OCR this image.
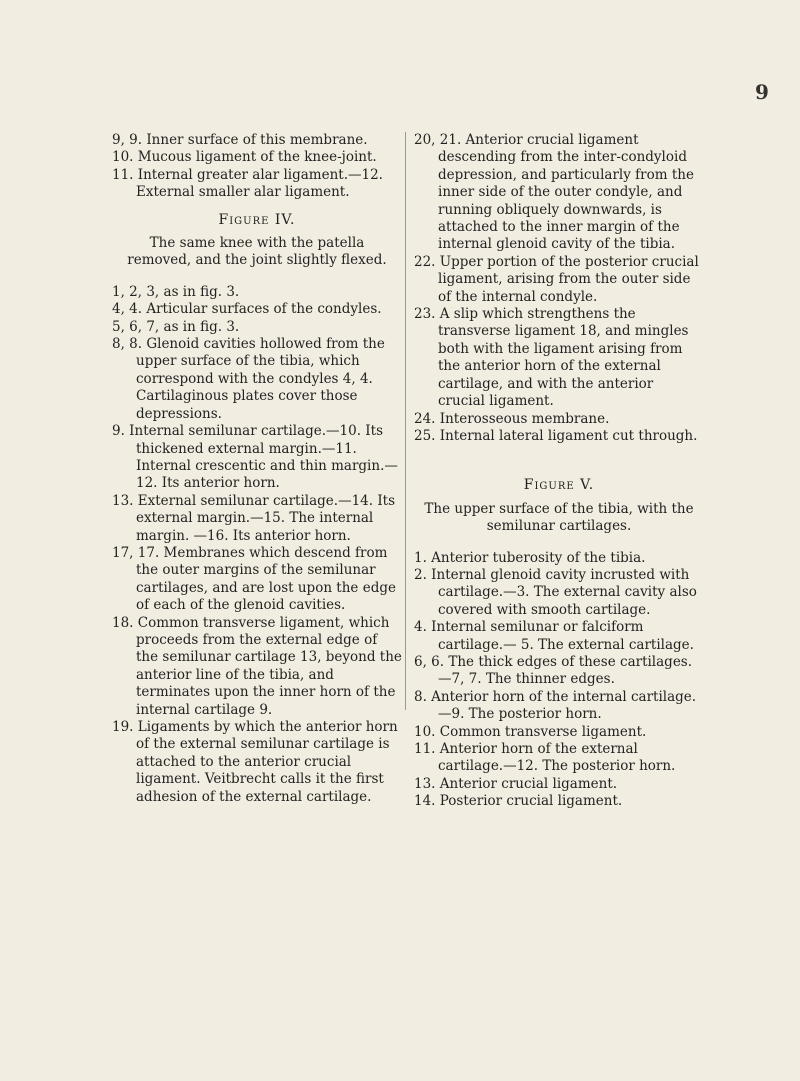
9

9, 9. Inner surface of this membrane.

10. Mucous ligament of the knee-joint.

11. Internal greater alar ligament.—12. External smaller alar ligament.

Figure IV.

The same knee with the patella removed, and the joint slightly flexed.

1, 2, 3, as in fig. 3.

4, 4. Articular surfaces of the condyles.

5, 6, 7, as in fig. 3.

8, 8. Glenoid cavities hollowed from the upper surface of the tibia, which correspond with the condyles 4, 4. Cartilaginous plates cover those depressions.

9. Internal semilunar cartilage.—10. Its thickened external margin.—11. Internal crescentic and thin margin.—12. Its anterior horn.

13. External semilunar cartilage.—14. Its external margin.—15. The internal margin. —16. Its anterior horn.

17, 17. Membranes which descend from the outer margins of the semilunar cartilages, and are lost upon the edge of each of the glenoid cavities.

18. Common transverse ligament, which proceeds from the external edge of the semilunar cartilage 13, beyond the anterior line of the tibia, and terminates upon the inner horn of the internal cartilage 9.

19. Ligaments by which the anterior horn of the external semilunar cartilage is attached to the anterior crucial ligament. Veitbrecht calls it the first adhesion of the external cartilage.

20, 21. Anterior crucial ligament descending from the inter-condyloid depression, and particularly from the inner side of the outer condyle, and running obliquely downwards, is attached to the inner margin of the internal glenoid cavity of the tibia.

22. Upper portion of the posterior crucial ligament, arising from the outer side of the internal condyle.

23. A slip which strengthens the transverse ligament 18, and mingles both with the ligament arising from the anterior horn of the external cartilage, and with the anterior crucial ligament.

24. Interosseous membrane.

25. Internal lateral ligament cut through.

Figure V.

The upper surface of the tibia, with the semilunar cartilages.

1. Anterior tuberosity of the tibia.

2. Internal glenoid cavity incrusted with cartilage.—3. The external cavity also covered with smooth cartilage.

4. Internal semilunar or falciform cartilage.— 5. The external cartilage.

6, 6. The thick edges of these cartilages.—7, 7. The thinner edges.

8. Anterior horn of the internal cartilage.—9. The posterior horn.

10. Common transverse ligament.

11. Anterior horn of the external cartilage.—12. The posterior horn.

13. Anterior crucial ligament.

14. Posterior crucial ligament.
